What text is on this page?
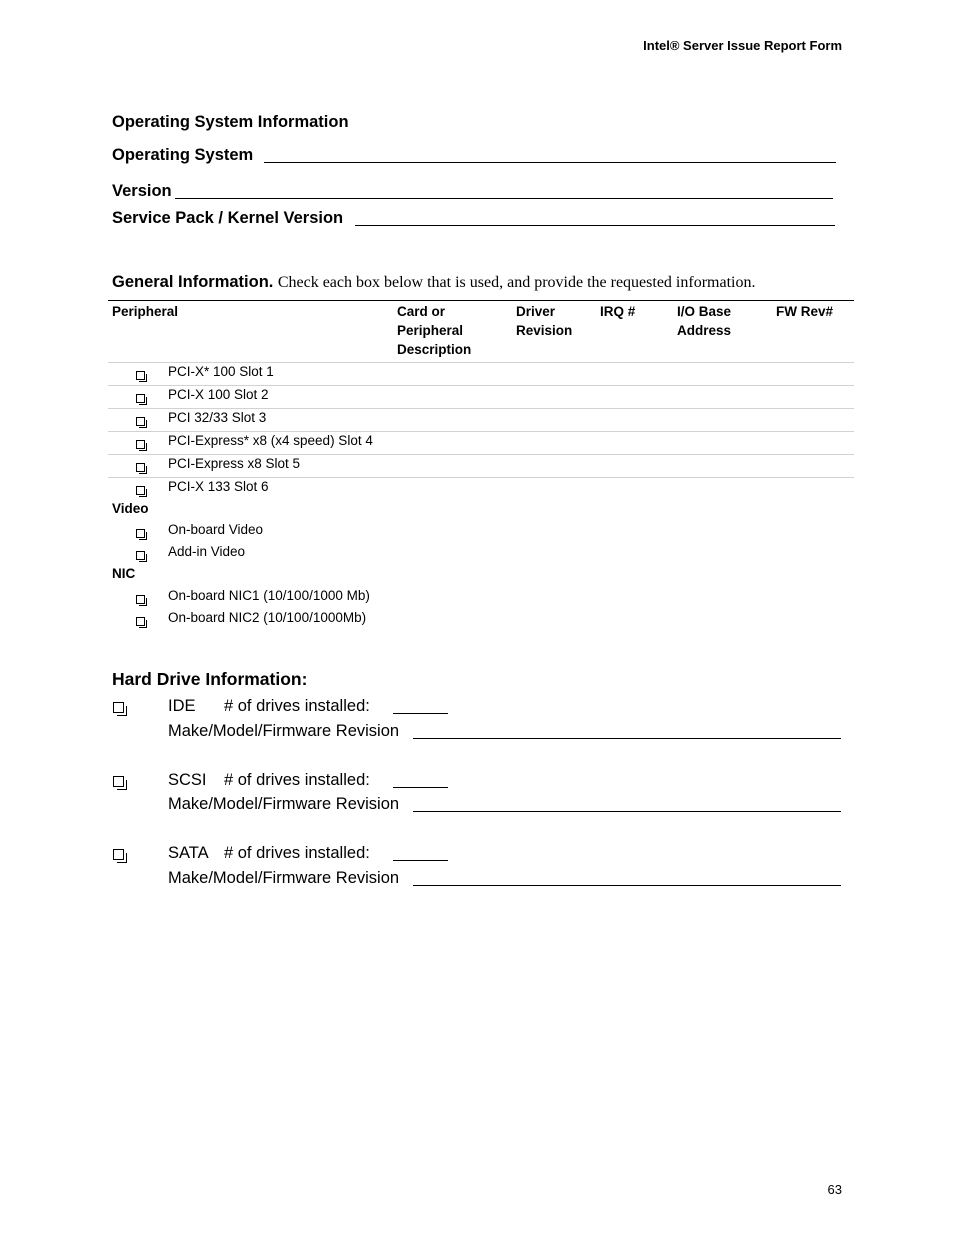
Intel® Server Issue Report Form
Operating System Information
Operating System
Version
Service Pack / Kernel Version
General Information. Check each box below that is used, and provide the requested information.
Peripheral	Card or Peripheral Description
Driver Revision
IRQ #	I/O Base Address
FW Rev#
PCI-X* 100 Slot 1
PCI-X 100 Slot 2
PCI 32/33 Slot 3
PCI-Express* x8 (x4 speed) Slot 4
PCI-Express x8 Slot 5
PCI-X 133 Slot 6
Video
On-board Video
Add-in Video
NIC
On-board NIC1 (10/100/1000 Mb)
On-board NIC2 (10/100/1000Mb)
Hard Drive Information:
IDE # of drives installed:
Make/Model/Firmware Revision
SCSI # of drives installed:
Make/Model/Firmware Revision
SATA # of drives installed:
Make/Model/Firmware Revision
63
